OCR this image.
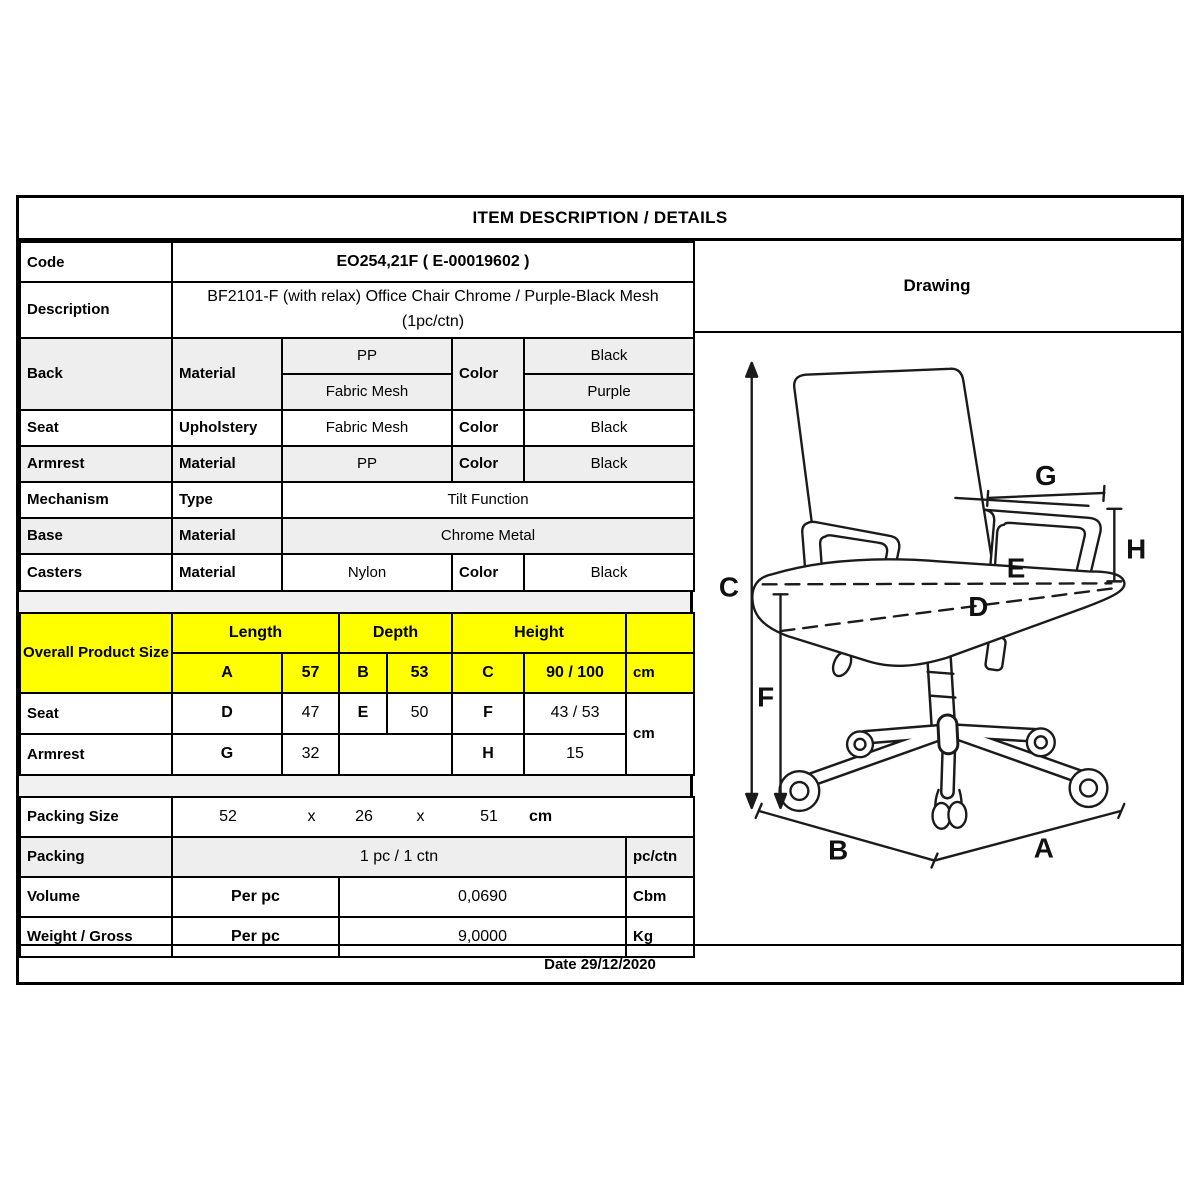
ITEM DESCRIPTION / DETAILS
Code	EO254,21F ( E-00019602 )			
Description	BF2101-F (with relax) Office Chair Chrome / Purple-Black Mesh (1pc/ctn)			
Back	Material	PP	Color	Black
		Fabric Mesh		Purple
Seat	Upholstery	Fabric Mesh	Color	Black
Armrest	Material	PP	Color	Black
Mechanism	Type	Tilt Function		
Base	Material	Chrome Metal		
Casters	Material	Nylon	Color	Black
Overall Product Size	Length		Depth		Height		
	A	57	B	53	C	90 / 100	cm
Seat	D	47	E	50	F	43 / 53	cm
Armrest	G	32			H	15	
Packing Size	52	x	26	x	51	cm

Packing	1 pc / 1 ctn		pc/ctn
Volume	Per pc	0,0690	Cbm
Weight / Gross	Per pc	9,0000	Kg
Drawing
C
F
G
H
E
D
B	A
Date 29/12/2020
